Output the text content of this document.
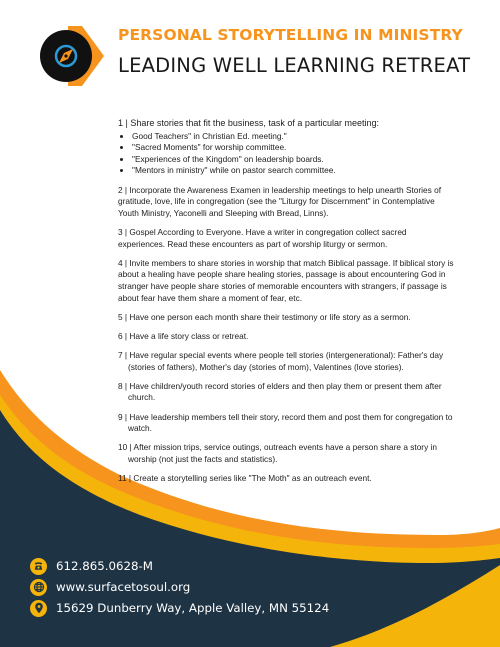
PERSONAL STORYTELLING IN MINISTRY
LEADING WELL LEARNING RETREAT
1 | Share stories that fit the business, task of a particular meeting:
• Good Teachers" in Christian Ed. meeting."
• "Sacred Moments" for worship committee.
• "Experiences of the Kingdom" on leadership boards.
• "Mentors in ministry" while on pastor search committee.
2 | Incorporate the Awareness Examen in leadership meetings to help unearth Stories of gratitude, love, life in congregation (see the "Liturgy for Discernment" in Contemplative Youth Ministry, Yaconelli and Sleeping with Bread, Linns).
3 | Gospel According to Everyone. Have a writer in congregation collect sacred experiences. Read these encounters as part of worship liturgy or sermon.
4 | Invite members to share stories in worship that match Biblical passage. If biblical story is about a healing have people share healing stories, passage is about encountering God in stranger have people share stories of memorable encounters with strangers, if passage is about fear have them share a moment of fear, etc.
5 | Have one person each month share their testimony or life story as a sermon.
6 | Have a life story class or retreat.
7 | Have regular special events where people tell stories (intergenerational): Father's day (stories of fathers), Mother's day (stories of mom), Valentines (love stories).
8 | Have children/youth record stories of elders and then play them or present them after church.
9 | Have leadership members tell their story, record them and post them for congregation to watch.
10 | After mission trips, service outings, outreach events have a person share a story in worship (not just the facts and statistics).
11 | Create a storytelling series like "The Moth" as an outreach event.
612.865.0628-M
www.surfacetosoul.org
15629 Dunberry Way, Apple Valley, MN 55124
